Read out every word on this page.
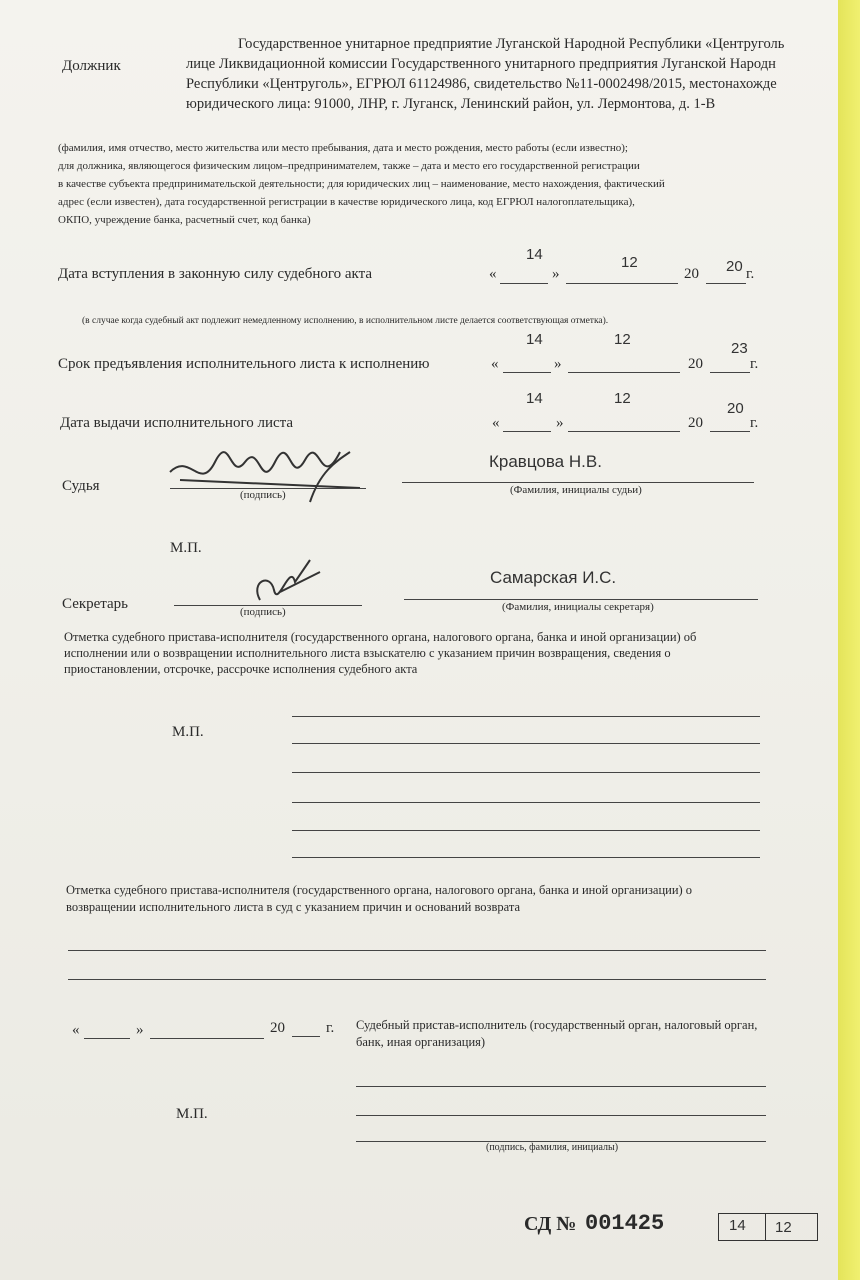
Должник
Государственное унитарное предприятие Луганской Народной Республики «Центруголь
лице Ликвидационной комиссии Государственного унитарного предприятия Луганской Народн
Республики «Центруголь», ЕГРЮЛ 61124986, свидетельство №11-0002498/2015, местонахожде
юридического лица: 91000, ЛНР, г. Луганск, Ленинский район, ул. Лермонтова, д. 1-В
(фамилия, имя отчество, место жительства или место пребывания, дата и место рождения, место работы (если известно);
для должника, являющегося физическим лицом–предпринимателем, также – дата и место его государственной регистрации
в качестве субъекта предпринимательской деятельности; для юридических лиц – наименование, место нахождения, фактический
адрес (если известен), дата государственной регистрации в качестве юридического лица, код ЕГРЮЛ налогоплательщика),
ОКПО, учреждение банка, расчетный счет, код банка)
Дата вступления в законную силу судебного акта	«	»
14	12
20 20 г.
(в случае когда судебный акт подлежит немедленному исполнению, в исполнительном листе делается соответствующая отметка).
Срок предъявления исполнительного листа к исполнению	«	»
14	12
20
23
г.
Дата выдачи исполнительного листа	«	»
14	12
20
20
г.
Судья
(подпись)
Кравцова Н.В.
(Фамилия, инициалы судьи)
М.П.
Секретарь	(подпись)
Самарская И.С.
(Фамилия, инициалы секретаря)
Отметка судебного пристава-исполнителя (государственного органа, налогового органа, банка и иной организации) об
исполнении или о возвращении исполнительного листа взыскателю с указанием причин возвращения, сведения о
приостановлении, отсрочке, рассрочке исполнения судебного акта
М.П.
Отметка судебного пристава-исполнителя (государственного органа, налогового органа, банка и иной организации) о
возвращении исполнительного листа в суд с указанием причин и оснований возврата
«	»	20	г. Судебный пристав-исполнитель (государственный орган, налоговый орган,
банк, иная организация)
М.П.
(подпись, фамилия, инициалы)
СД № 001425	14 12
